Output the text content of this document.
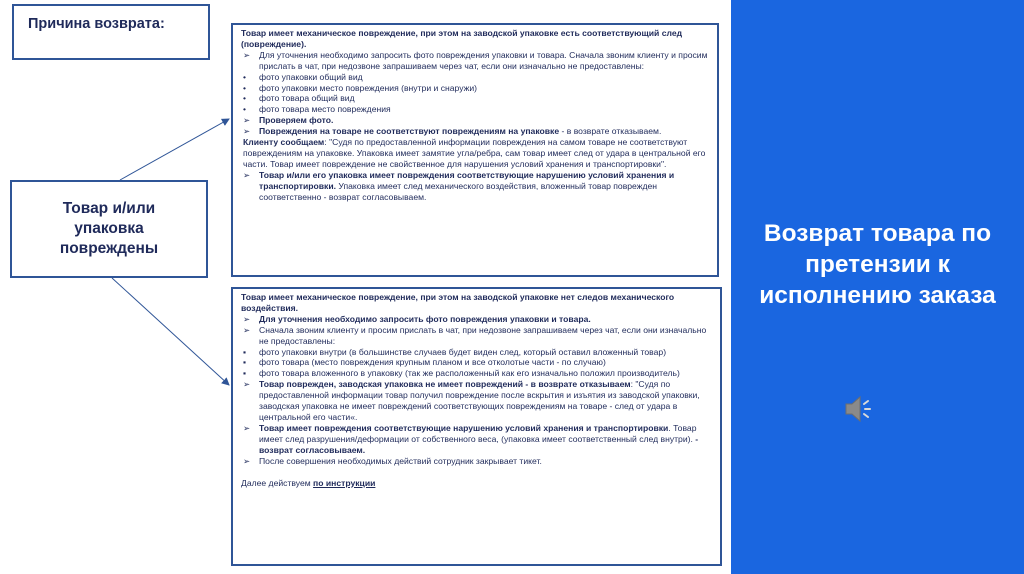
Причина возврата:
Товар и/или упаковка повреждены

Товар имеет механическое повреждение, при этом на заводской упаковке есть соответствующий след (повреждение).

➢ Для уточнения необходимо запросить фото повреждения упаковки и товара. Сначала звоним клиенту и просим прислать в чат, при недозвоне запрашиваем через чат, если они изначально не предоставлены:

• фото упаковки общий вид

• фото упаковки место повреждения (внутри и снаружи)

• фото товара общий вид

• фото товара место повреждения

➢ Проверяем фото.

➢ Повреждения на товаре не соответствуют повреждениям на упаковке - в возврате отказываем.

Клиенту сообщаем: "Судя по предоставленной информации повреждения на самом товаре не соответствуют повреждениям на упаковке. Упаковка имеет замятие угла/ребра, сам товар имеет след от удара в центральной его части. Товар имеет повреждение не свойственное для нарушения условий хранения и транспортировки".

➢ Товар и/или его упаковка имеет повреждения соответствующие нарушению условий хранения и транспортировки. Упаковка имеет след механического воздействия, вложенный товар поврежден соответственно - возврат согласовываем.

Товар имеет механическое повреждение, при этом на заводской упаковке нет следов механического воздействия.

➢ Для уточнения необходимо запросить фото повреждения упаковки и товара.

➢ Сначала звоним клиенту и просим прислать в чат, при недозвоне запрашиваем через чат, если они изначально не предоставлены:

▪ фото упаковки внутри (в большинстве случаев будет виден след, который оставил вложенный товар)

▪ фото товара (место повреждения крупным планом и все отколотые части - по случаю)

▪ фото товара вложенного в упаковку (так же расположенный как его изначально положил производитель)

➢ Товар поврежден, заводская упаковка не имеет повреждений - в возврате отказываем: "Судя по предоставленной информации товар получил повреждение после вскрытия и изъятия из заводской упаковки, заводская упаковка не имеет повреждений соответствующих повреждениям на товаре - след от удара в центральной его части«.

➢ Товар имеет повреждения соответствующие нарушению условий хранения и транспортировки. Товар имеет след разрушения/деформации от собственного веса, (упаковка имеет соответственный след внутри). - возврат согласовываем.

➢ После совершения необходимых действий сотрудник закрывает тикет.

Далее действуем по инструкции

Возврат товара по претензии к исполнению заказа
